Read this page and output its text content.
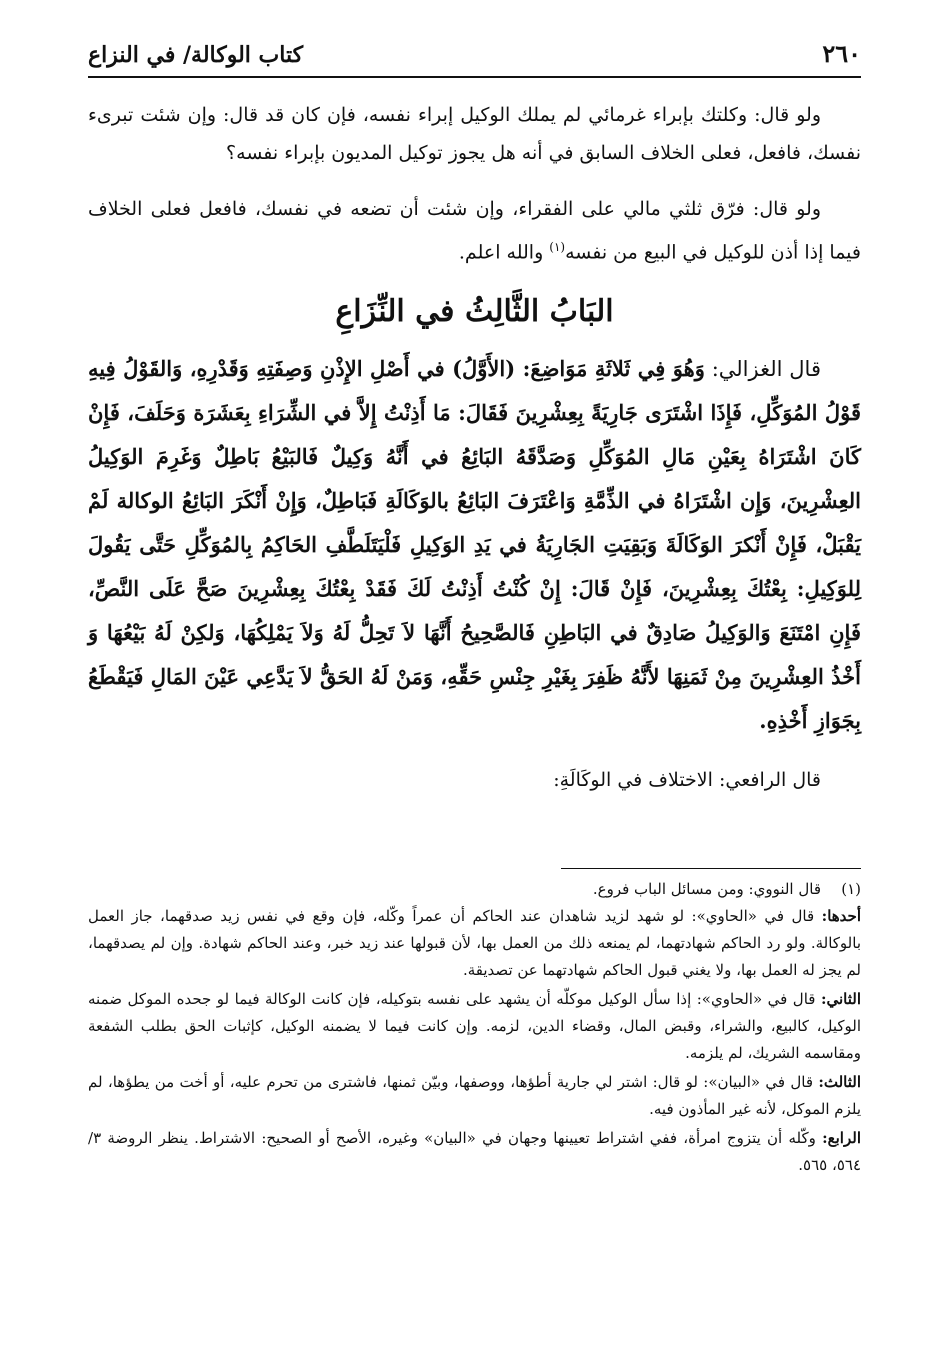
٢٦٠
كتاب الوكالة/ في النزاع

ولو قال: وكلتك بإبراء غرمائي لم يملك الوكيل إبراء نفسه، فإن كان قد قال: وإن شئت تبرىء نفسك، فافعل، فعلى الخلاف السابق في أنه هل يجوز توكيل المديون بإبراء نفسه؟

ولو قال: فرّق ثلثي مالي على الفقراء، وإن شئت أن تضعه في نفسك، فافعل فعلى الخلاف فيما إذا أذن للوكيل في البيع من نفسه$^{(١)}$ والله اعلم.

البَابُ الثَّالِثُ في النِّزَاعِ

قال الغزالي: وَهُوَ فِي ثَلاثَةِ مَوَاضِعَ: (الأَوَّلُ) في أَصْلِ الإِذْنِ وَصِفَتِهِ وَقَدْرِهِ، وَالقَوْلُ فِيهِ قَوْلُ المُوَكِّلِ، فَإِذَا اشْتَرَى جَارِيَةً بِعِشْرِينَ فَقَالَ: مَا أَذِنْتُ إِلاَّ في الشِّرَاءِ بِعَشَرَة وَحَلَفَ، فَإِنْ كَانَ اشْتَرَاهُ بِعَيْنِ مَالِ المُوَكِّلِ وَصَدَّقَهُ البَائِعُ في أَنَّهُ وَكِيلٌ فَالبَيْعُ بَاطِلٌ وَغَرِمَ الوَكِيلُ العِشْرِينَ، وَإِن اشْتَرَاهُ في الذِّمَّةِ وَاعْتَرَفَ البَائِعُ بالوَكَالَةِ فَبَاطِلٌ، وَإِنْ أَنْكَرَ البَائِعُ الوكالة لَمْ يَقْبَلْ، فَإِنْ أَنْكرَ الوَكَالَةَ وَبَقِيَتِ الجَارِيَةُ في يَدِ الوَكِيلِ فَلْيَتَلَطَّفِ الحَاكِمُ بِالمُوَكِّلِ حَتَّى يَقُولَ لِلوَكِيلِ: بِعْتُكَ بِعِشْرِينَ، فَإِنْ قَالَ: إِنْ كُنْتُ أَذِنْتُ لَكَ فَقَدْ بِعْتُكَ بِعِشْرِينَ صَحَّ عَلَى النَّصِّ، فَإِنِ امْتَنَعَ وَالوَكِيلُ صَادِقٌ في البَاطِنِ فَالصَّحِيحُ أَنَّهَا لاَ تَحِلُّ لَهُ وَلاَ يَمْلِكُهَا، وَلكِنْ لَهُ بَيْعُهَا وَ أَخْذُ العِشْرِينَ مِنْ ثَمَنِهَا لأَنَّهُ ظَفِرَ بِغَيْرِ جِنْسِ حَقِّهِ، وَمَنْ لَهُ الحَقُّ لاَ يَدَّعِي عَيْنَ المَالِ فَيَقْطَعُ بِجَوَازِ أَخْذِهِ.

قال الرافعي: الاختلاف في الوكَالَةِ:

(١)
قال النووي: ومن مسائل الباب فروع.

أحدها: قال في «الحاوي»: لو شهد لزيد شاهدان عند الحاكم أن عمراً وكّله، فإن وقع في نفس زيد صدقهما، جاز العمل بالوكالة. ولو رد الحاكم شهادتهما، لم يمنعه ذلك من العمل بها، لأن قبولها عند زيد خبر، وعند الحاكم شهادة. وإن لم يصدقهما، لم يجز له العمل بها، ولا يغني قبول الحاكم شهادتهما عن تصديقة.

الثاني: قال في «الحاوي»: إذا سأل الوكيل موكلّه أن يشهد على نفسه بتوكيله، فإن كانت الوكالة فيما لو جحده الموكل ضمنه الوكيل، كالبيع، والشراء، وقبض المال، وقضاء الدين، لزمه. وإن كانت فيما لا يضمنه الوكيل، كإثبات الحق بطلب الشفعة ومقاسمه الشريك، لم يلزمه.

الثالث: قال في «البيان»: لو قال: اشتر لي جارية أطؤها، ووصفها، وبيّن ثمنها، فاشترى من تحرم عليه، أو أخت من يطؤها، لم يلزم الموكل، لأنه غير المأذون فيه.

الرابع: وكّله أن يتزوج امرأة، ففي اشتراط تعيينها وجهان في «البيان» وغيره، الأصح أو الصحيح: الاشتراط. ينظر الروضة ٣/ ٥٦٤، ٥٦٥.
